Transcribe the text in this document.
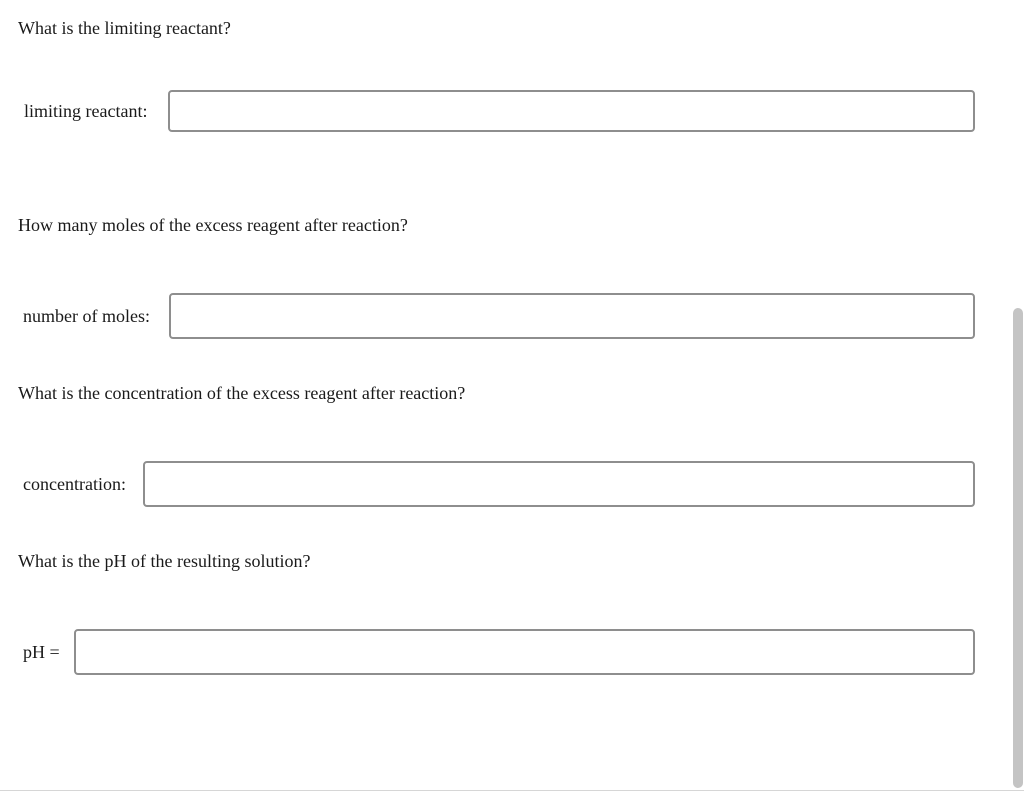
What is the limiting reactant?

limiting reactant:

How many moles of the excess reagent after reaction?

number of moles:

What is the concentration of the excess reagent after reaction?

concentration:

What is the pH of the resulting solution?

pH =
